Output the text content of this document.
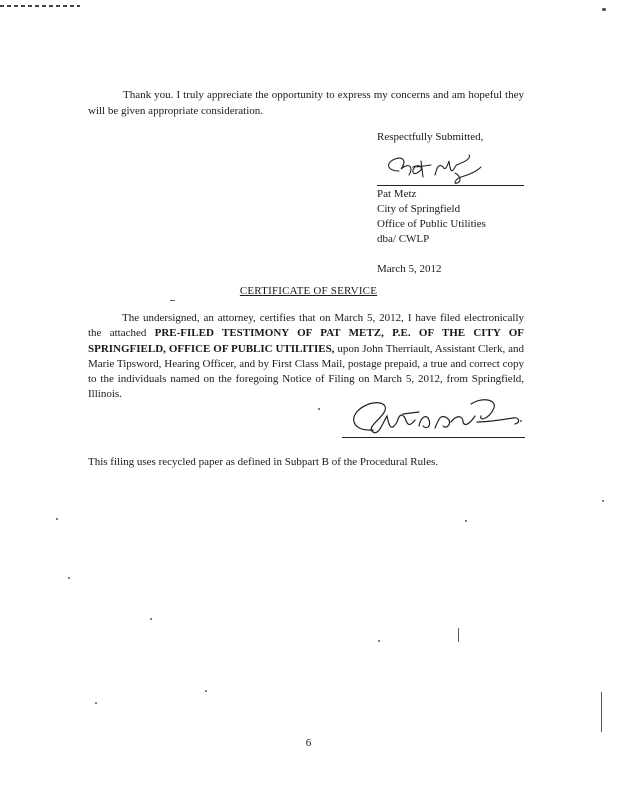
Thank you. I truly appreciate the opportunity to express my concerns and am hopeful they will be given appropriate consideration.

Respectfully Submitted,
Pat Metz
City of Springfield
Office of Public Utilities
dba/ CWLP
March 5, 2012
CERTIFICATE OF SERVICE

The undersigned, an attorney, certifies that on March 5, 2012, I have filed electronically the attached PRE-FILED TESTIMONY OF PAT METZ, P.E. OF THE CITY OF SPRINGFIELD, OFFICE OF PUBLIC UTILITIES, upon John Therriault, Assistant Clerk, and Marie Tipsword, Hearing Officer, and by First Class Mail, postage prepaid, a true and correct copy to the individuals named on the foregoing Notice of Filing on March 5, 2012, from Springfield, Illinois.

This filing uses recycled paper as defined in Subpart B of the Procedural Rules.
6
